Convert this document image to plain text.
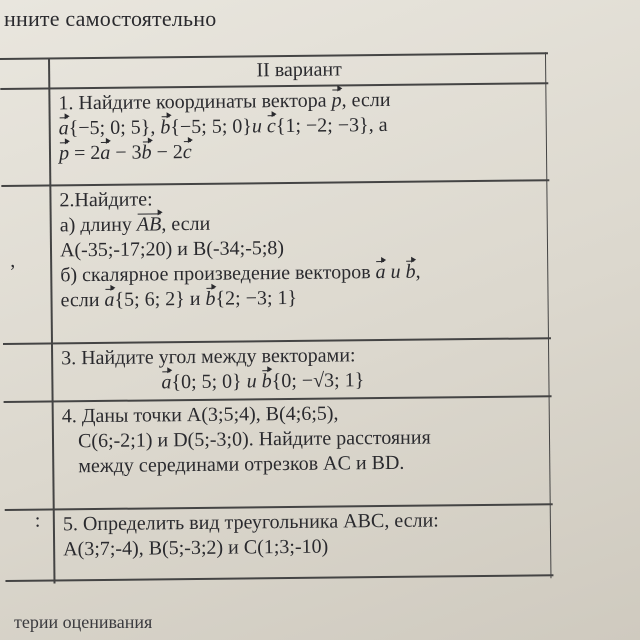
нните самостоятельно
II вариант
,
:
1. Найдите координаты вектора p, если
a{−5; 0; 5}, b{−5; 5; 0}и c{1; −2; −3}, а
p = 2a − 3b − 2c
2.Найдите:
а) длину AB, если
A(-35;-17;20) и B(-34;-5;8)
б) скалярное произведение векторов a и b,
если a{5; 6; 2} и b{2; −3; 1}
3. Найдите угол между векторами:
a{0; 5; 0} и b{0; −√3; 1}
4. Даны точки A(3;5;4), B(4;6;5),
C(6;-2;1) и D(5;-3;0). Найдите расстояния
между серединами отрезков AC и BD.
5. Определить вид треугольника ABC, если:
A(3;7;-4), B(5;-3;2) и C(1;3;-10)
терии оценивания
